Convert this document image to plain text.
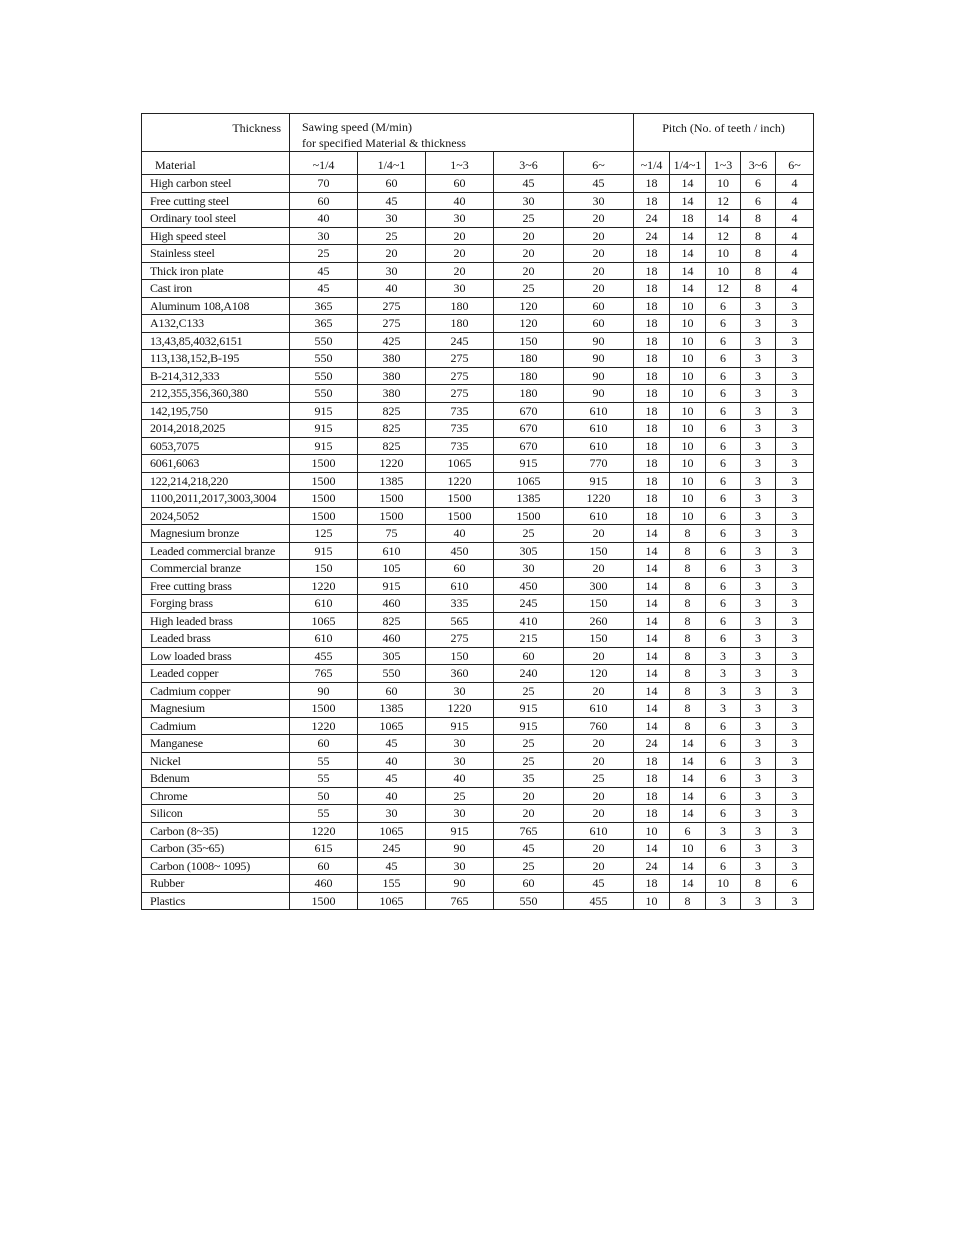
Thickness	Sawing speed (M/min)
for specified Material & thickness					Pitch (No. of teeth / inch)				
Material	~1/4	1/4~1	1~3	3~6	6~	~1/4	1/4~1	1~3	3~6	6~
High carbon steel	70	60	60	45	45	18	14	10	6	4
Free cutting steel	60	45	40	30	30	18	14	12	6	4
Ordinary tool steel	40	30	30	25	20	24	18	14	8	4
High speed steel	30	25	20	20	20	24	14	12	8	4
Stainless steel	25	20	20	20	20	18	14	10	8	4
Thick iron plate	45	30	20	20	20	18	14	10	8	4
Cast iron	45	40	30	25	20	18	14	12	8	4
Aluminum 108,A108	365	275	180	120	60	18	10	6	3	3
A132,C133	365	275	180	120	60	18	10	6	3	3
13,43,85,4032,6151	550	425	245	150	90	18	10	6	3	3
113,138,152,B-195	550	380	275	180	90	18	10	6	3	3
B-214,312,333	550	380	275	180	90	18	10	6	3	3
212,355,356,360,380	550	380	275	180	90	18	10	6	3	3
142,195,750	915	825	735	670	610	18	10	6	3	3
2014,2018,2025	915	825	735	670	610	18	10	6	3	3
6053,7075	915	825	735	670	610	18	10	6	3	3
6061,6063	1500	1220	1065	915	770	18	10	6	3	3
122,214,218,220	1500	1385	1220	1065	915	18	10	6	3	3
1100,2011,2017,3003,3004	1500	1500	1500	1385	1220	18	10	6	3	3
2024,5052	1500	1500	1500	1500	610	18	10	6	3	3
Magnesium bronze	125	75	40	25	20	14	8	6	3	3
Leaded commercial branze	915	610	450	305	150	14	8	6	3	3
Commercial branze	150	105	60	30	20	14	8	6	3	3
Free cutting brass	1220	915	610	450	300	14	8	6	3	3
Forging brass	610	460	335	245	150	14	8	6	3	3
High leaded brass	1065	825	565	410	260	14	8	6	3	3
Leaded brass	610	460	275	215	150	14	8	6	3	3
Low loaded brass	455	305	150	60	20	14	8	3	3	3
Leaded copper	765	550	360	240	120	14	8	3	3	3
Cadmium copper	90	60	30	25	20	14	8	3	3	3
Magnesium	1500	1385	1220	915	610	14	8	3	3	3
Cadmium	1220	1065	915	915	760	14	8	6	3	3
Manganese	60	45	30	25	20	24	14	6	3	3
Nickel	55	40	30	25	20	18	14	6	3	3
Bdenum	55	45	40	35	25	18	14	6	3	3
Chrome	50	40	25	20	20	18	14	6	3	3
Silicon	55	30	30	20	20	18	14	6	3	3
Carbon (8~35)	1220	1065	915	765	610	10	6	3	3	3
Carbon (35~65)	615	245	90	45	20	14	10	6	3	3
Carbon (1008~ 1095)	60	45	30	25	20	24	14	6	3	3
Rubber	460	155	90	60	45	18	14	10	8	6
Plastics	1500	1065	765	550	455	10	8	3	3	3
